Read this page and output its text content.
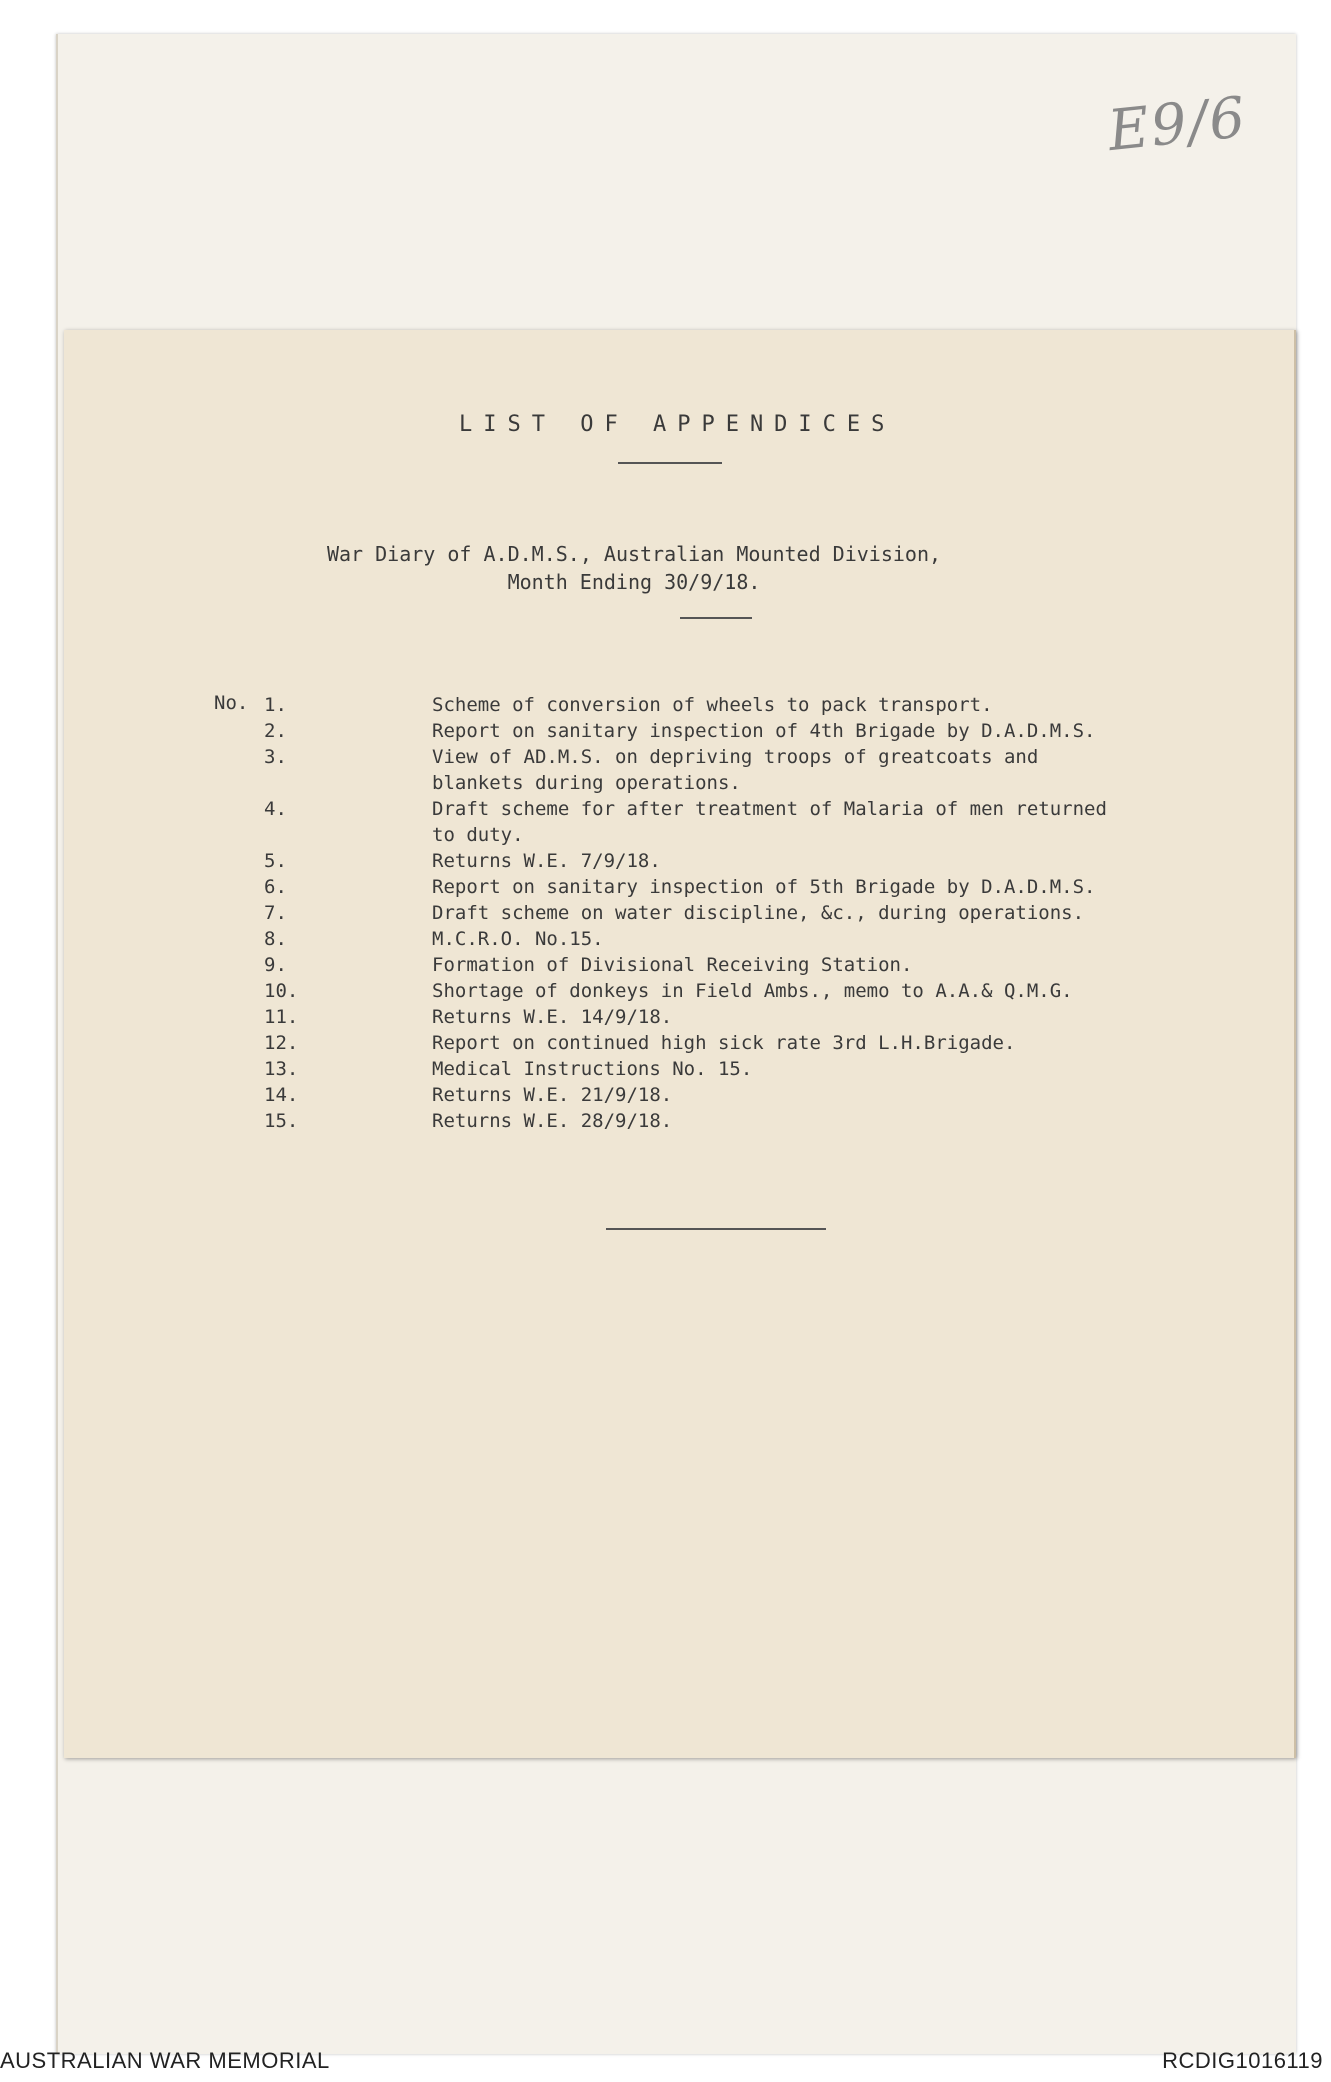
E9/6
LIST OF APPENDICES
War Diary of A.D.M.S., Australian Mounted Division,
Month Ending 30/9/18.
No. 1.	Scheme of conversion of wheels to pack transport.
2.	Report on sanitary inspection of 4th Brigade by D.A.D.M.S.
3.	View of AD.M.S. on depriving troops of greatcoats and
blankets during operations.
4.	Draft scheme for after treatment of Malaria of men returned
to duty.
5.	Returns W.E. 7/9/18.
6.	Report on sanitary inspection of 5th Brigade by D.A.D.M.S.
7.	Draft scheme on water discipline, &c., during operations.
8.	M.C.R.O. No.15.
9.	Formation of Divisional Receiving Station.
10.	Shortage of donkeys in Field Ambs., memo to A.A.& Q.M.G.
11.	Returns W.E. 14/9/18.
12.	Report on continued high sick rate 3rd L.H.Brigade.
13.	Medical Instructions No. 15.
14.	Returns W.E. 21/9/18.
15.	Returns W.E. 28/9/18.
AUSTRALIAN WAR MEMORIAL	RCDIG1016119
